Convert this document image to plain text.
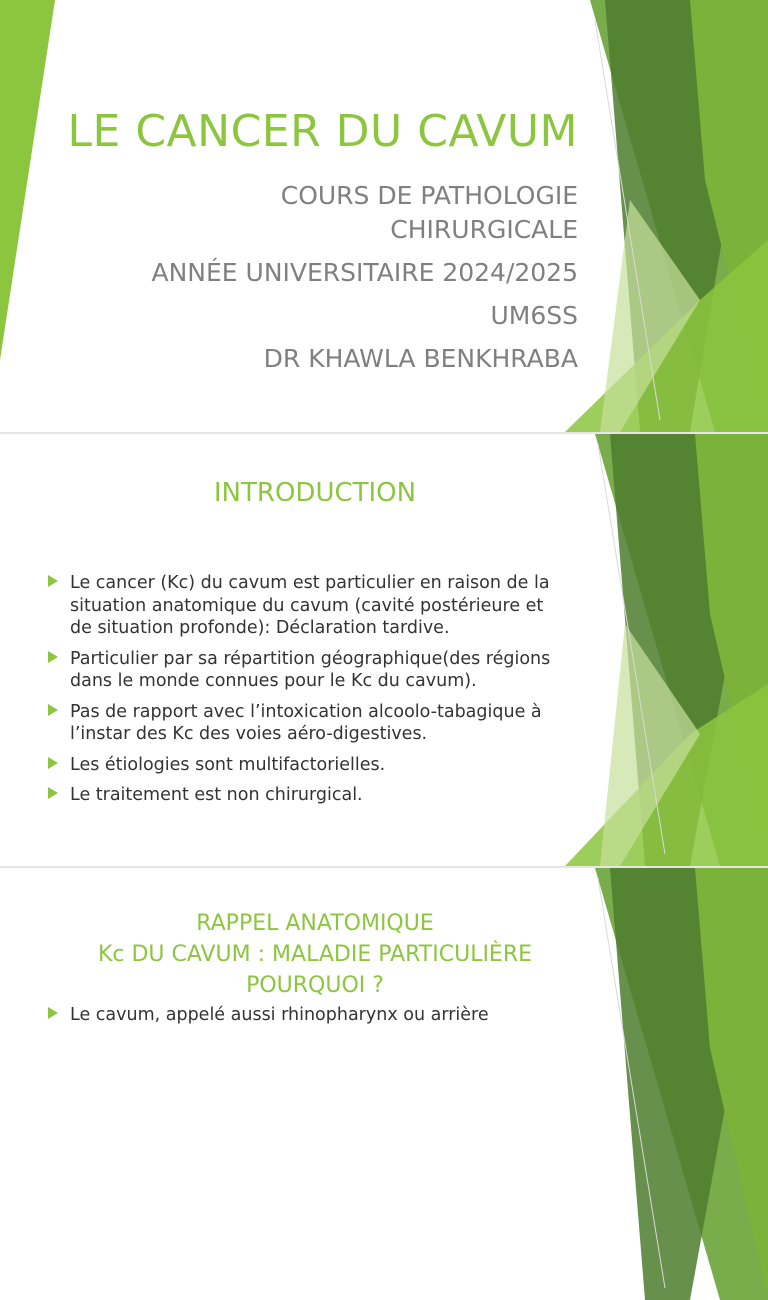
LE CANCER DU CAVUM
COURS DE PATHOLOGIE
CHIRURGICALE
ANNÉE UNIVERSITAIRE 2024/2025
UM6SS
DR KHAWLA BENKHRABA
INTRODUCTION
Le cancer (Kc) du cavum est particulier en raison de la situation anatomique du cavum (cavité postérieure et de situation profonde): Déclaration tardive.
Particulier par sa répartition géographique(des régions dans le monde connues pour le Kc du cavum).
Pas de rapport avec l’intoxication alcoolo-tabagique à l’instar des Kc des voies aéro-digestives.
Les étiologies sont multifactorielles.
Le traitement est non chirurgical.
RAPPEL ANATOMIQUE
Kc DU CAVUM : MALADIE PARTICULIÈRE
POURQUOI ?
Le cavum, appelé aussi rhinopharynx ou arrière
